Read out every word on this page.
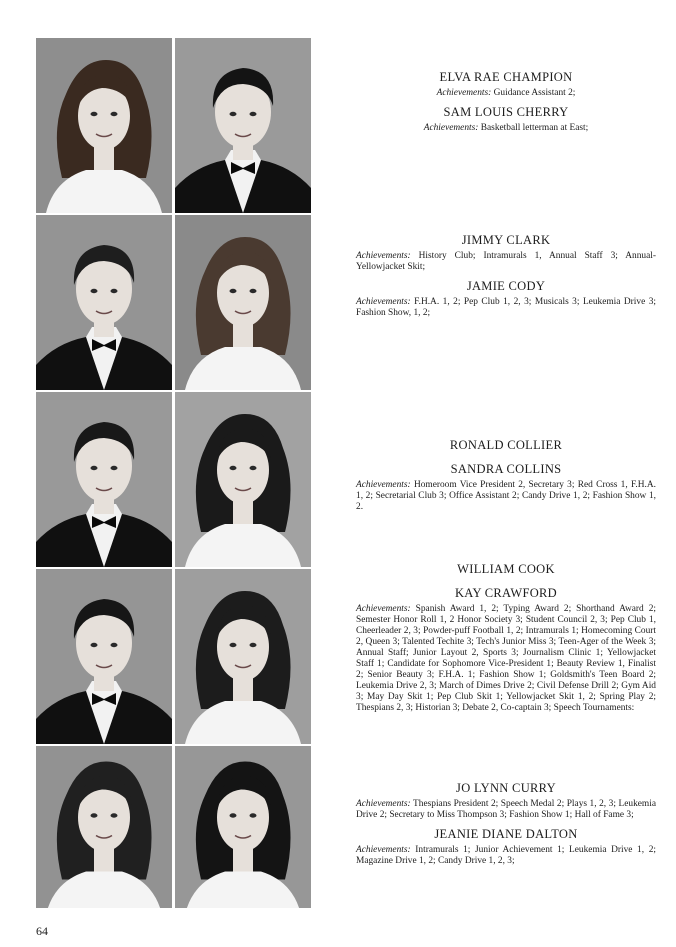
ELVA RAE CHAMPION
Achievements: Guidance Assistant 2;
SAM LOUIS CHERRY
Achievements: Basketball letterman at East;
JIMMY CLARK
Achievements: History Club; Intramurals 1, Annual Staff 3; Annual-Yellowjacket Skit;
JAMIE CODY
Achievements: F.H.A. 1, 2; Pep Club 1, 2, 3; Musicals 3; Leukemia Drive 3; Fashion Show, 1, 2;
RONALD COLLIER
SANDRA COLLINS
Achievements: Homeroom Vice President 2, Secretary 3; Red Cross 1, F.H.A. 1, 2; Secretarial Club 3; Office Assistant 2; Candy Drive 1, 2; Fashion Show 1, 2.
WILLIAM COOK
KAY CRAWFORD
Achievements: Spanish Award 1, 2; Typing Award 2; Shorthand Award 2; Semester Honor Roll 1, 2 Honor Society 3; Student Council 2, 3; Pep Club 1, Cheerleader 2, 3; Powder-puff Football 1, 2; Intramurals 1; Homecoming Court 2, Queen 3; Talented Techite 3; Tech's Junior Miss 3; Teen-Ager of the Week 3; Annual Staff; Junior Layout 2, Sports 3; Journalism Clinic 1; Yellowjacket Staff 1; Candidate for Sophomore Vice-President 1; Beauty Review 1, Finalist 2; Senior Beauty 3; F.H.A. 1; Fashion Show 1; Goldsmith's Teen Board 2; Leukemia Drive 2, 3; March of Dimes Drive 2; Civil Defense Drill 2; Gym Aid 3; May Day Skit 1; Pep Club Skit 1; Yellowjacket Skit 1, 2; Spring Play 2; Thespians 2, 3; Historian 3; Debate 2, Co-captain 3; Speech Tournaments:
JO LYNN CURRY
Achievements: Thespians President 2; Speech Medal 2; Plays 1, 2, 3; Leukemia Drive 2; Secretary to Miss Thompson 3; Fashion Show 1; Hall of Fame 3;
JEANIE DIANE DALTON
Achievements: Intramurals 1; Junior Achievement 1; Leukemia Drive 1, 2; Magazine Drive 1, 2; Candy Drive 1, 2, 3;
64
